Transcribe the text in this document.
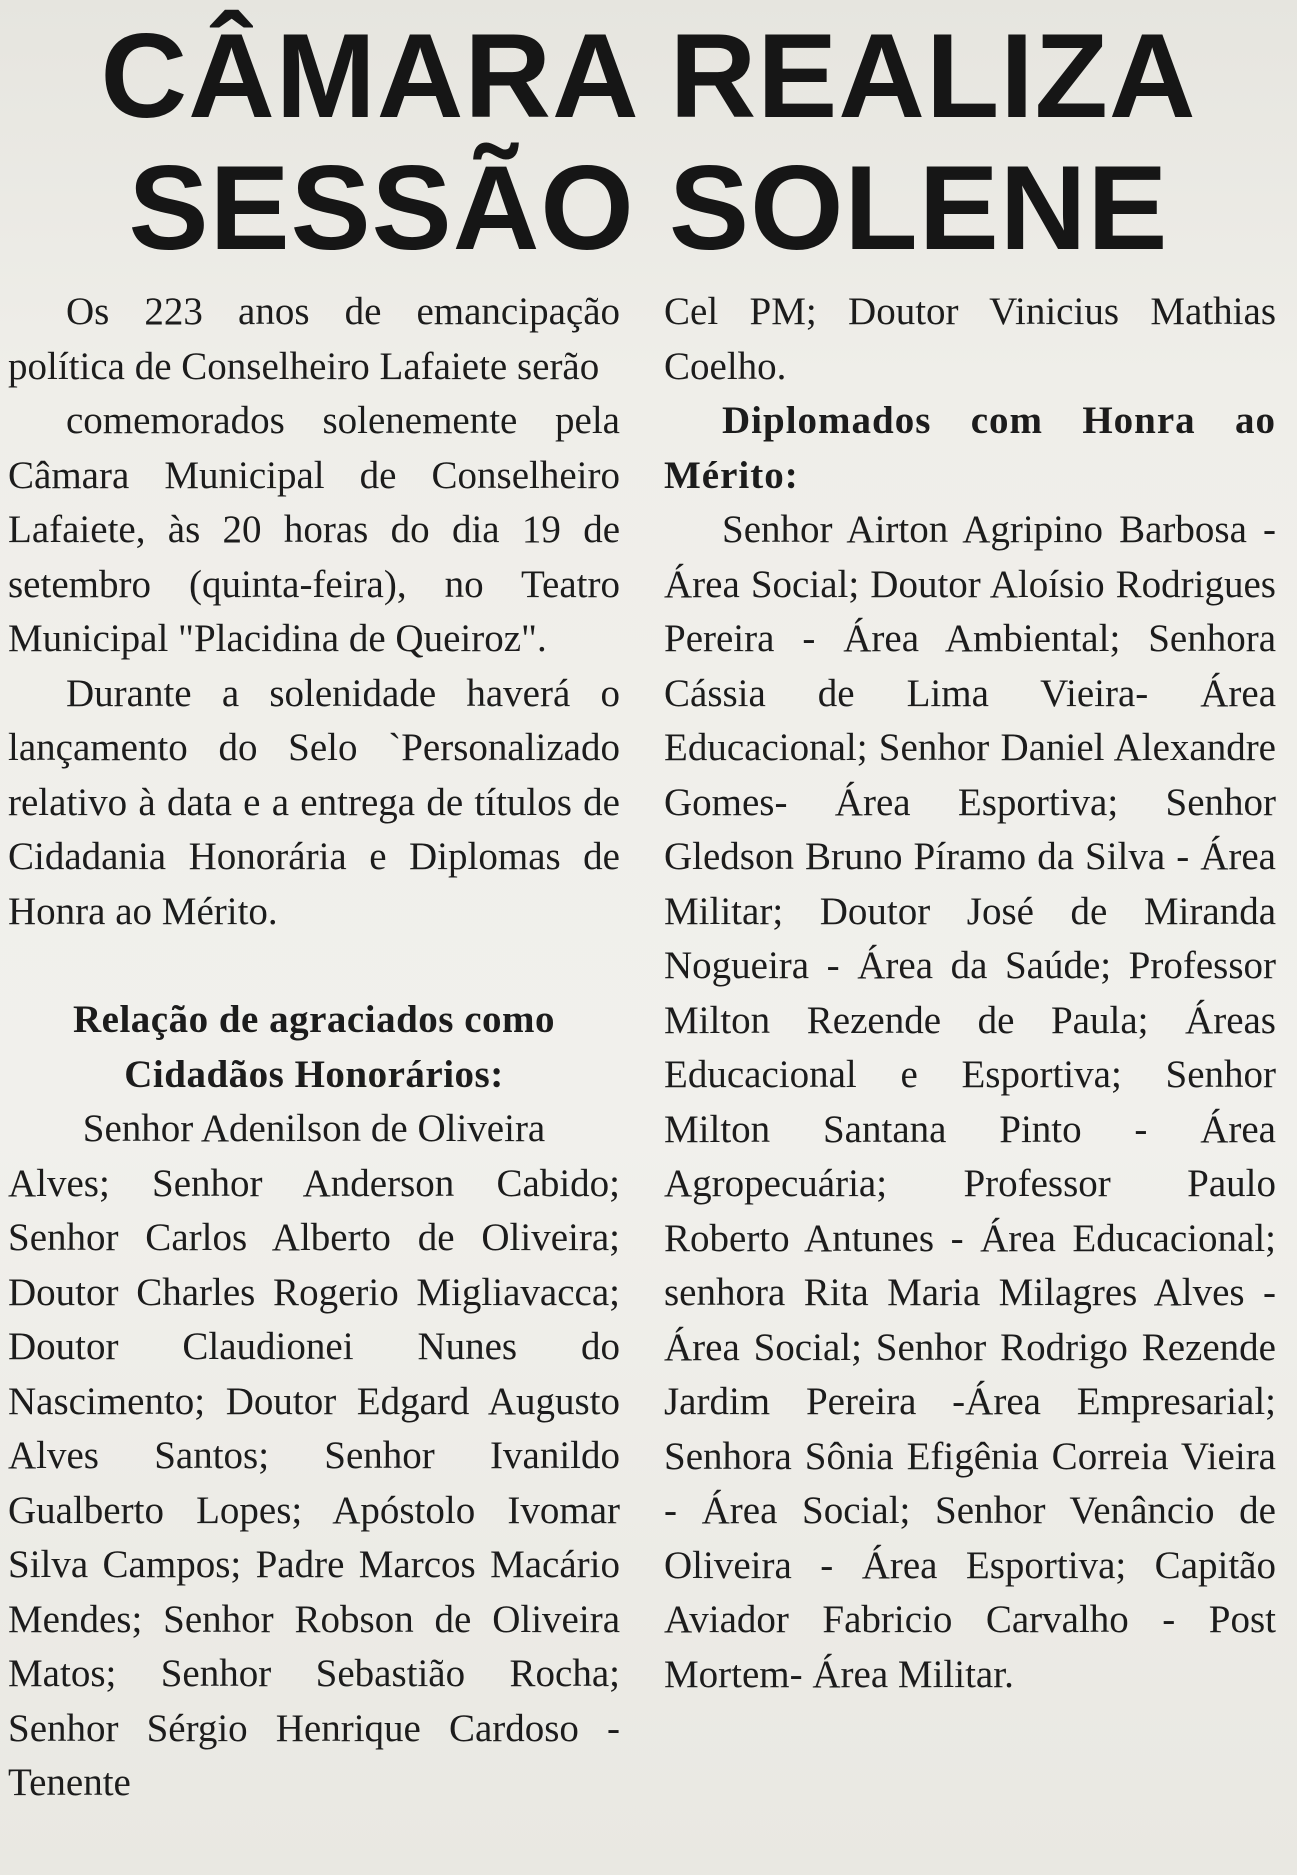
CÂMARA REALIZA
SESSÃO SOLENE

Os 223 anos de emancipação política de Conselheiro Lafaiete serão

comemorados solenemente pela Câmara Municipal de Conselheiro Lafaiete, às 20 horas do dia 19 de setembro (quinta-feira), no Teatro Municipal "Placidina de Queiroz".

Durante a solenidade haverá o lançamento do Selo `Personalizado relativo à data e a entrega de títulos de Cidadania Honorária e Diplomas de Honra ao Mérito.

Relação de agraciados como

Cidadãos Honorários:

Senhor Adenilson de Oliveira

Alves; Senhor Anderson Cabido; Senhor Carlos Alberto de Oliveira; Doutor Charles Rogerio Migliavacca; Doutor Claudionei Nunes do Nascimento; Doutor Edgard Augusto Alves Santos; Senhor Ivanildo Gualberto Lopes; Apóstolo Ivomar Silva Campos; Padre Marcos Macário Mendes; Senhor Robson de Oliveira Matos; Senhor Sebastião Rocha; Senhor Sérgio Henrique Cardoso -Tenente

Cel PM; Doutor Vinicius Mathias Coelho.

Diplomados com Honra ao Mérito:

Senhor Airton Agripino Barbosa - Área Social; Doutor Aloísio Rodrigues Pereira - Área Ambiental; Senhora Cássia de Lima Vieira- Área Educacional; Senhor Daniel Alexandre Gomes- Área Esportiva; Senhor Gledson Bruno Píramo da Silva - Área Militar; Doutor José de Miranda Nogueira - Área da Saúde; Professor Milton Rezende de Paula; Áreas Educacional e Esportiva; Senhor Milton Santana Pinto - Área Agropecuária; Professor Paulo Roberto Antunes - Área Educacional; senhora Rita Maria Milagres Alves - Área Social; Senhor Rodrigo Rezende Jardim Pereira -Área Empresarial; Senhora Sônia Efigênia Correia Vieira - Área Social; Senhor Venâncio de Oliveira - Área Esportiva; Capitão Aviador Fabricio Carvalho - Post Mortem- Área Militar.
